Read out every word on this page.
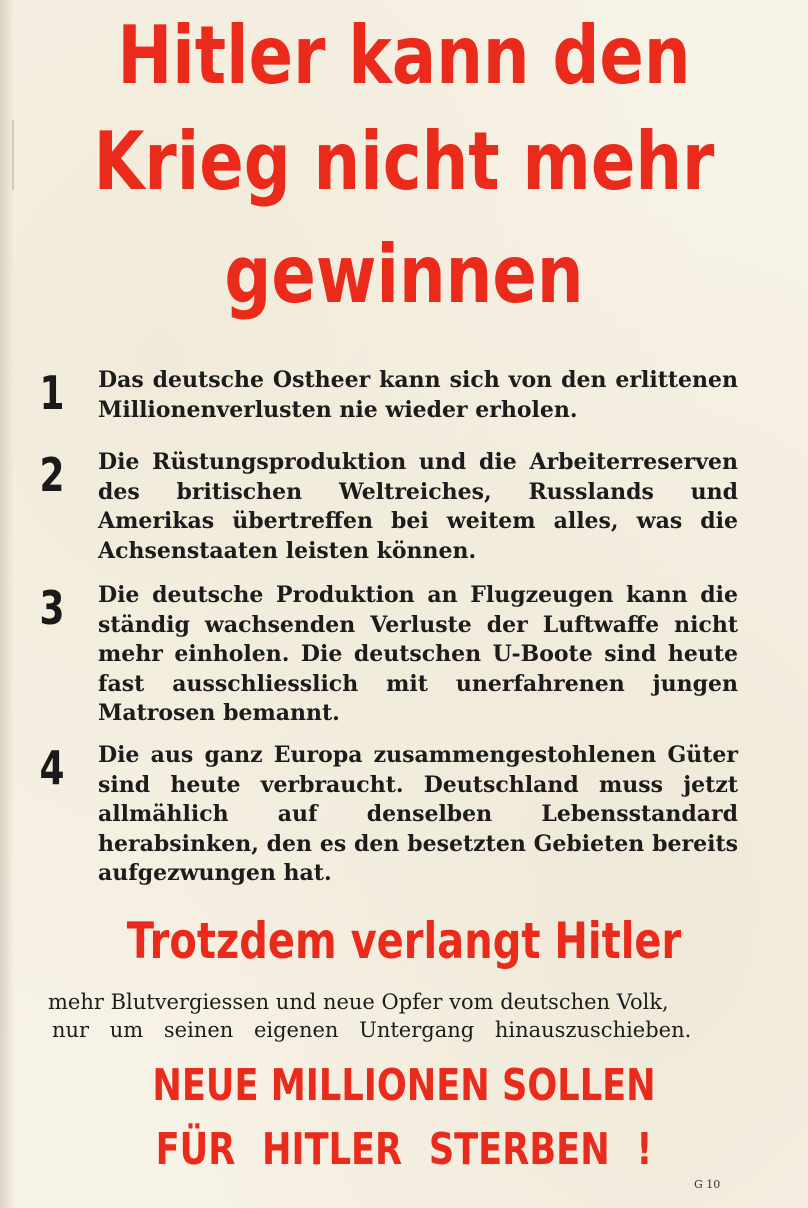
Hitler kann den
Krieg nicht mehr
gewinnen
1 Das deutsche Ostheer kann sich von den erlittenen Millionenverlusten nie wieder erholen.
2 Die Rüstungsproduktion und die Arbeiterreserven des britischen Weltreiches, Russlands und Amerikas übertreffen bei weitem alles, was die Achsenstaaten leisten können.
3 Die deutsche Produktion an Flugzeugen kann die ständig wachsenden Verluste der Luftwaffe nicht mehr einholen. Die deutschen U-Boote sind heute fast ausschliesslich mit unerfahrenen jungen Matrosen bemannt.
4 Die aus ganz Europa zusammengestohlenen Güter sind heute verbraucht. Deutschland muss jetzt allmählich auf denselben Lebensstandard herabsinken, den es den besetzten Gebieten bereits aufgezwungen hat.
Trotzdem verlangt Hitler
mehr Blutvergiessen und neue Opfer vom deutschen Volk,
nur um seinen eigenen Untergang hinauszuschieben.
NEUE MILLIONEN SOLLEN
FÜR HITLER STERBEN !
G 10
